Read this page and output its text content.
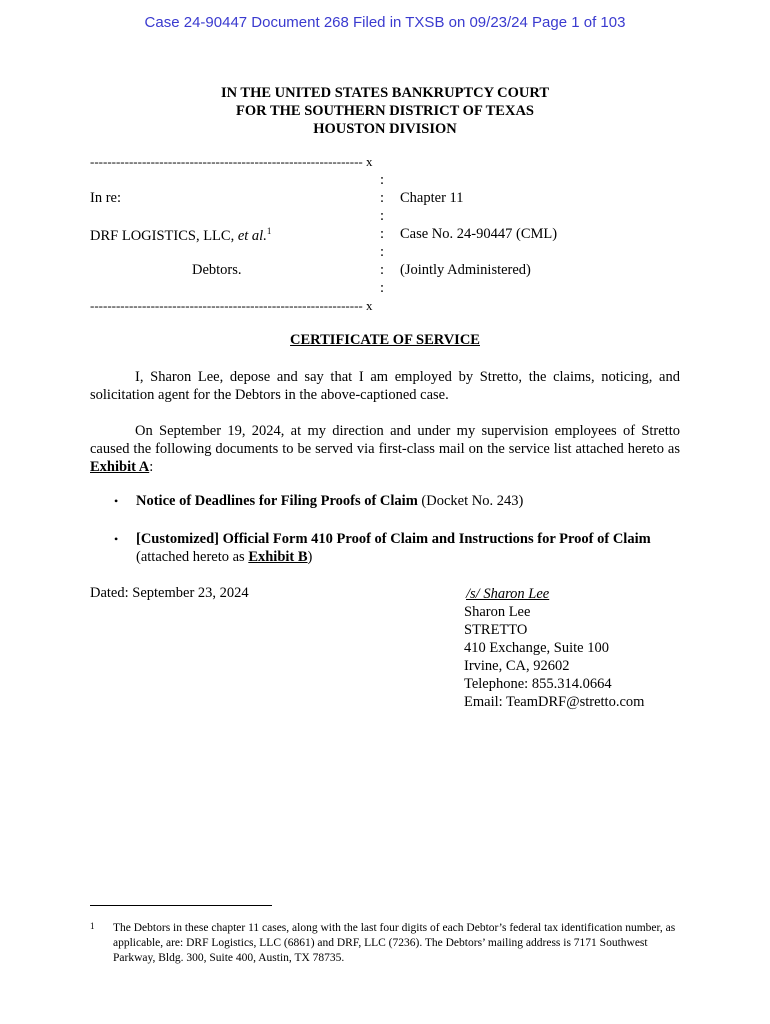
Case 24-90447 Document 268 Filed in TXSB on 09/23/24 Page 1 of 103
IN THE UNITED STATES BANKRUPTCY COURT
FOR THE SOUTHERN DISTRICT OF TEXAS
HOUSTON DIVISION
--------------------------------------------------------------- x
:
:
:
:
:
:
:
--------------------------------------------------------------- x
In re:
DRF LOGISTICS, LLC, et al.$^1$
Debtors.
Chapter 11
Case No. 24-90447 (CML)
(Jointly Administered)
CERTIFICATE OF SERVICE
I, Sharon Lee, depose and say that I am employed by Stretto, the claims, noticing, and solicitation agent for the Debtors in the above-captioned case.
On September 19, 2024, at my direction and under my supervision employees of Stretto caused the following documents to be served via first-class mail on the service list attached hereto as Exhibit A:
• Notice of Deadlines for Filing Proofs of Claim (Docket No. 243)
• [Customized] Official Form 410 Proof of Claim and Instructions for Proof of Claim (attached hereto as Exhibit B)
Dated: September 23, 2024	/s/ Sharon Lee
Sharon Lee
STRETTO
410 Exchange, Suite 100
Irvine, CA, 92602
Telephone: 855.314.0664
Email: TeamDRF@stretto.com
1 The Debtors in these chapter 11 cases, along with the last four digits of each Debtor’s federal tax identification number, as applicable, are: DRF Logistics, LLC (6861) and DRF, LLC (7236). The Debtors’ mailing address is 7171 Southwest Parkway, Bldg. 300, Suite 400, Austin, TX 78735.
